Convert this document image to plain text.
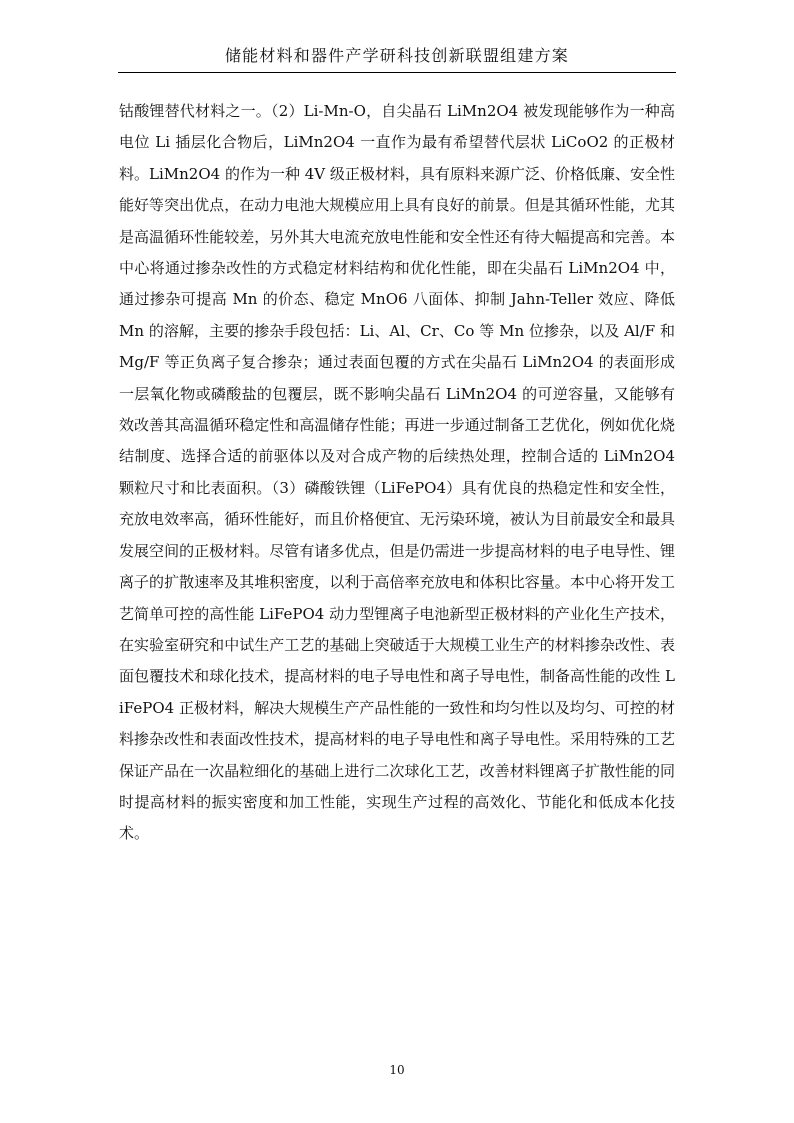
储能材料和器件产学研科技创新联盟组建方案

钴酸锂替代材料之一。（2）Li-Mn-O，自尖晶石 LiMn2O4 被发现能够作为一种高电位 Li 插层化合物后，LiMn2O4 一直作为最有希望替代层状 LiCoO2 的正极材料。LiMn2O4 的作为一种 4V 级正极材料，具有原料来源广泛、价格低廉、安全性能好等突出优点，在动力电池大规模应用上具有良好的前景。但是其循环性能，尤其是高温循环性能较差，另外其大电流充放电性能和安全性还有待大幅提高和完善。本中心将通过掺杂改性的方式稳定材料结构和优化性能，即在尖晶石 LiMn2O4 中，通过掺杂可提高 Mn 的价态、稳定 MnO6 八面体、抑制 Jahn-Teller 效应、降低 Mn 的溶解，主要的掺杂手段包括：Li、Al、Cr、Co 等 Mn 位掺杂，以及 Al/F 和 Mg/F 等正负离子复合掺杂；通过表面包覆的方式在尖晶石 LiMn2O4 的表面形成一层氧化物或磷酸盐的包覆层，既不影响尖晶石 LiMn2O4 的可逆容量，又能够有效改善其高温循环稳定性和高温储存性能；再进一步通过制备工艺优化，例如优化烧结制度、选择合适的前驱体以及对合成产物的后续热处理，控制合适的 LiMn2O4 颗粒尺寸和比表面积。（3）磷酸铁锂（LiFePO4）具有优良的热稳定性和安全性，充放电效率高，循环性能好，而且价格便宜、无污染环境，被认为目前最安全和最具发展空间的正极材料。尽管有诸多优点，但是仍需进一步提高材料的电子电导性、锂离子的扩散速率及其堆积密度，以利于高倍率充放电和体积比容量。本中心将开发工艺简单可控的高性能 LiFePO4 动力型锂离子电池新型正极材料的产业化生产技术，在实验室研究和中试生产工艺的基础上突破适于大规模工业生产的材料掺杂改性、表面包覆技术和球化技术，提高材料的电子导电性和离子导电性，制备高性能的改性 LiFePO4 正极材料，解决大规模生产产品性能的一致性和均匀性以及均匀、可控的材料掺杂改性和表面改性技术，提高材料的电子导电性和离子导电性。采用特殊的工艺保证产品在一次晶粒细化的基础上进行二次球化工艺，改善材料锂离子扩散性能的同时提高材料的振实密度和加工性能，实现生产过程的高效化、节能化和低成本化技术。

10
